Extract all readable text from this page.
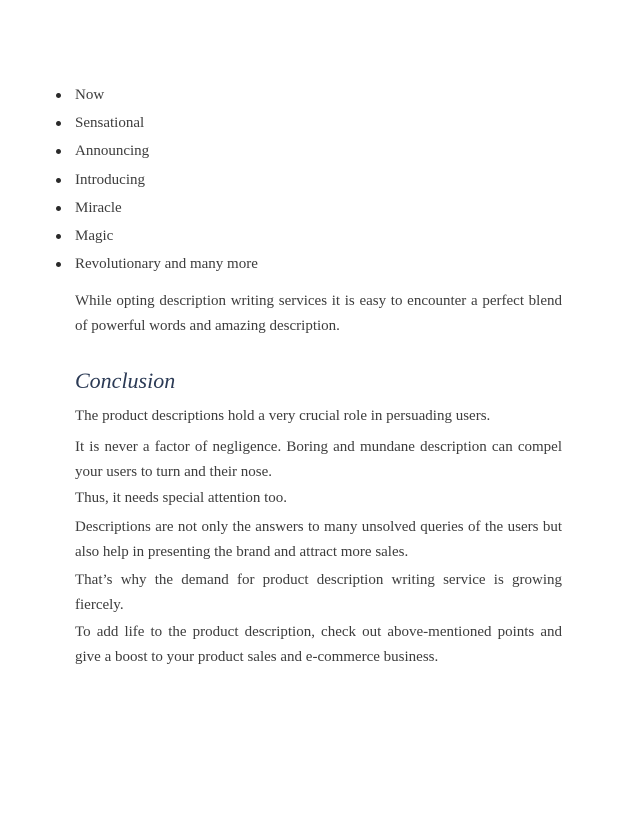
Now
Sensational
Announcing
Introducing
Miracle
Magic
Revolutionary and many more

While opting description writing services it is easy to encounter a perfect blend of powerful words and amazing description.

Conclusion

The product descriptions hold a very crucial role in persuading users.

It is never a factor of negligence. Boring and mundane description can compel your users to turn and their nose.

Thus, it needs special attention too.

Descriptions are not only the answers to many unsolved queries of the users but also help in presenting the brand and attract more sales.

That’s why the demand for product description writing service is growing fiercely.

To add life to the product description, check out above-mentioned points and give a boost to your product sales and e-commerce business.
